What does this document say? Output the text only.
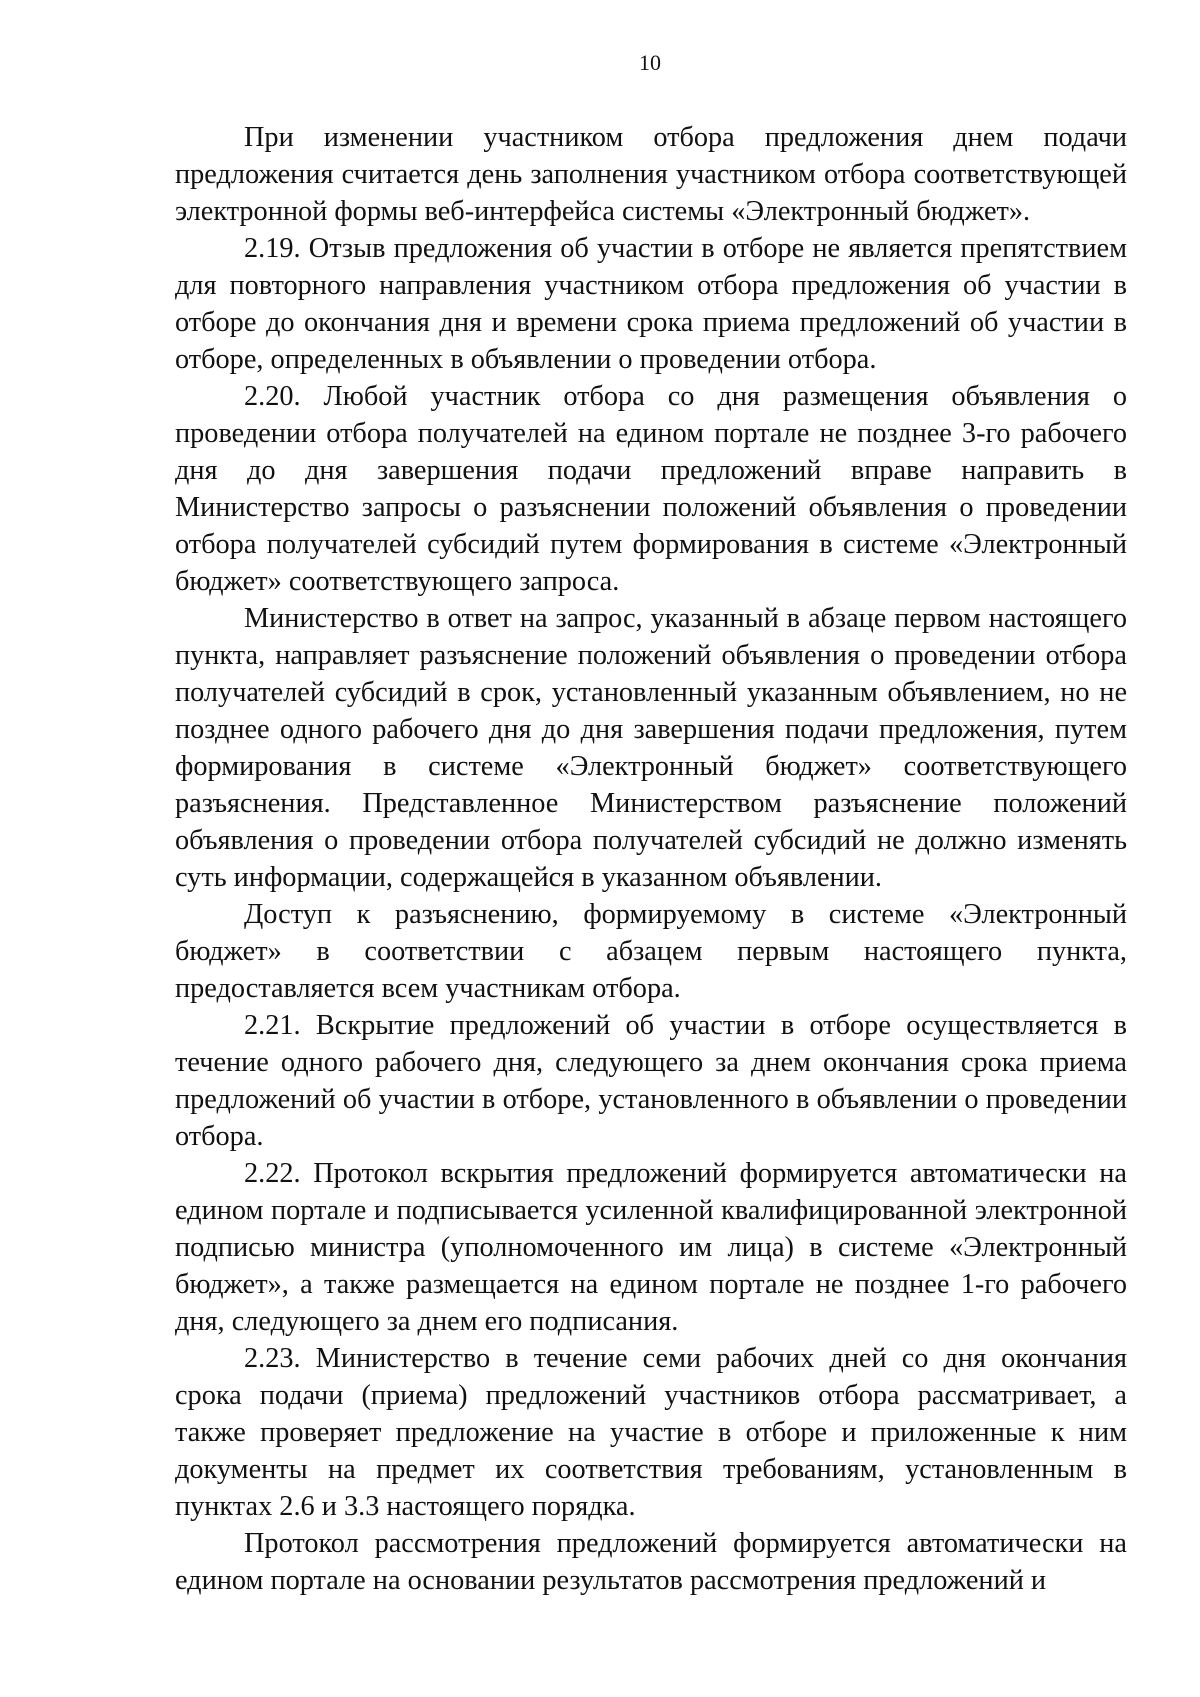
10

При изменении участником отбора предложения днем подачи предложения считается день заполнения участником отбора соответствующей электронной формы веб-интерфейса системы «Электронный бюджет».

2.19. Отзыв предложения об участии в отборе не является препятствием для повторного направления участником отбора предложения об участии в отборе до окончания дня и времени срока приема предложений об участии в отборе, определенных в объявлении о проведении отбора.

2.20. Любой участник отбора со дня размещения объявления о проведении отбора получателей на едином портале не позднее 3-го рабочего дня до дня завершения подачи предложений вправе направить в Министерство запросы о разъяснении положений объявления о проведении отбора получателей субсидий путем формирования в системе «Электронный бюджет» соответствующего запроса.

Министерство в ответ на запрос, указанный в абзаце первом настоящего пункта, направляет разъяснение положений объявления о проведении отбора получателей субсидий в срок, установленный указанным объявлением, но не позднее одного рабочего дня до дня завершения подачи предложения, путем формирования в системе «Электронный бюджет» соответствующего разъяснения. Представленное Министерством разъяснение положений объявления о проведении отбора получателей субсидий не должно изменять суть информации, содержащейся в указанном объявлении.

Доступ к разъяснению, формируемому в системе «Электронный бюджет» в соответствии с абзацем первым настоящего пункта, предоставляется всем участникам отбора.

2.21. Вскрытие предложений об участии в отборе осуществляется в течение одного рабочего дня, следующего за днем окончания срока приема предложений об участии в отборе, установленного в объявлении о проведении отбора.

2.22. Протокол вскрытия предложений формируется автоматически на едином портале и подписывается усиленной квалифицированной электронной подписью министра (уполномоченного им лица) в системе «Электронный бюджет», а также размещается на едином портале не позднее 1-го рабочего дня, следующего за днем его подписания.

2.23. Министерство в течение семи рабочих дней со дня окончания срока подачи (приема) предложений участников отбора рассматривает, а также проверяет предложение на участие в отборе и приложенные к ним документы на предмет их соответствия требованиям, установленным в пунктах 2.6 и 3.3 настоящего порядка.

Протокол рассмотрения предложений формируется автоматически на едином портале на основании результатов рассмотрения предложений и
